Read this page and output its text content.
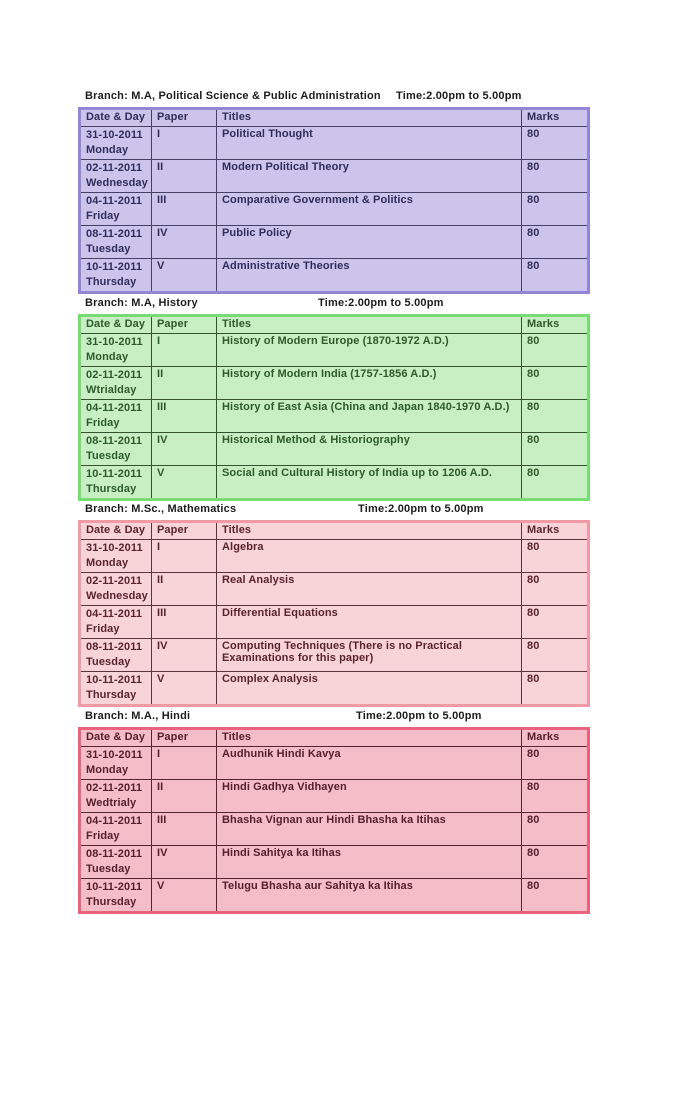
Branch: M.A, Political Science & Public Administration Time:2.00pm to 5.00pm
Date & Day	Paper	Titles	Marks

31-10-2011
Monday	I	Political Thought	80

02-11-2011
Wednesday	II	Modern Political Theory	80

04-11-2011
Friday	III	Comparative Government & Politics	80

08-11-2011
Tuesday	IV	Public Policy	80

10-11-2011
Thursday	V	Administrative Theories	80
Branch: M.A, History	Time:2.00pm to 5.00pm
Date & Day	Paper	Titles	Marks

31-10-2011
Monday	I	History of Modern Europe (1870-1972 A.D.)	80

02-11-2011
Wtrialday	II	History of Modern India (1757-1856 A.D.)	80

04-11-2011
Friday	III	History of East Asia (China and Japan 1840-1970 A.D.)	80

08-11-2011
Tuesday	IV	Historical Method & Historiography	80

10-11-2011
Thursday	V	Social and Cultural History of India up to 1206 A.D.	80
Branch: M.Sc., Mathematics	Time:2.00pm to 5.00pm
Date & Day	Paper	Titles	Marks

31-10-2011
Monday	I	Algebra	80

02-11-2011
Wednesday	II	Real Analysis	80

04-11-2011
Friday	III	Differential Equations	80

08-11-2011
Tuesday	IV	Computing Techniques (There is no Practical Examinations for this paper)	80

10-11-2011
Thursday	V	Complex Analysis	80
Branch: M.A., Hindi	Time:2.00pm to 5.00pm
Date & Day	Paper	Titles	Marks

31-10-2011
Monday	I	Audhunik Hindi Kavya	80

02-11-2011
Wedtrialy	II	Hindi Gadhya Vidhayen	80

04-11-2011
Friday	III	Bhasha Vignan aur Hindi Bhasha ka Itihas	80

08-11-2011
Tuesday	IV	Hindi Sahitya ka Itihas	80

10-11-2011
Thursday	V	Telugu Bhasha aur Sahitya ka Itihas	80
